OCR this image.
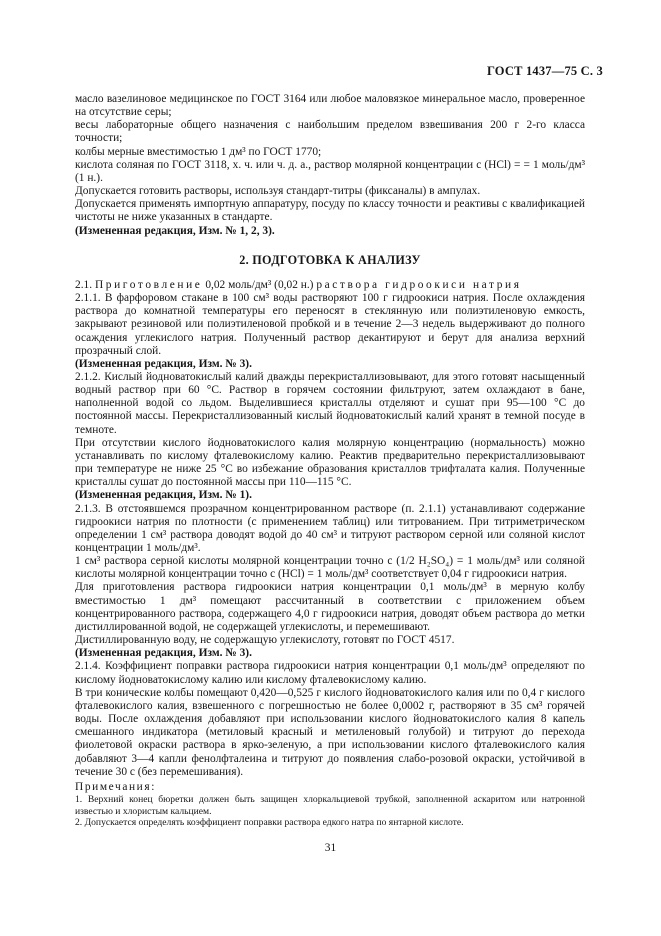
ГОСТ 1437—75 С. 3

масло вазелиновое медицинское по ГОСТ 3164 или любое маловязкое минеральное масло, проверенное на отсутствие серы;

весы лабораторные общего назначения с наибольшим пределом взвешивания 200 г 2-го класса точности;

колбы мерные вместимостью 1 дм³ по ГОСТ 1770;

кислота соляная по ГОСТ 3118, х. ч. или ч. д. а., раствор молярной концентрации с (HCl) = = 1 моль/дм³ (1 н.).

Допускается готовить растворы, используя стандарт-титры (фиксаналы) в ампулах.

Допускается применять импортную аппаратуру, посуду по классу точности и реактивы с квалификацией чистоты не ниже указанных в стандарте.

(Измененная редакция, Изм. № 1, 2, 3).

2. ПОДГОТОВКА К АНАЛИЗУ

2.1. Приготовление 0,02 моль/дм³ (0,02 н.) раствора гидроокиси натрия

2.1.1. В фарфоровом стакане в 100 см³ воды растворяют 100 г гидроокиси натрия. После охлаждения раствора до комнатной температуры его переносят в стеклянную или полиэтиленовую емкость, закрывают резиновой или полиэтиленовой пробкой и в течение 2—3 недель выдерживают до полного осаждения углекислого натрия. Полученный раствор декантируют и берут для анализа верхний прозрачный слой.

(Измененная редакция, Изм. № 3).

2.1.2. Кислый йодноватокислый калий дважды перекристаллизовывают, для этого готовят насыщенный водный раствор при 60 °С. Раствор в горячем состоянии фильтруют, затем охлаждают в бане, наполненной водой со льдом. Выделившиеся кристаллы отделяют и сушат при 95—100 °С до постоянной массы. Перекристаллизованный кислый йодноватокислый калий хранят в темной посуде в темноте.

При отсутствии кислого йодноватокислого калия молярную концентрацию (нормальность) можно устанавливать по кислому фталевокислому калию. Реактив предварительно перекристаллизовывают при температуре не ниже 25 °С во избежание образования кристаллов трифталата калия. Полученные кристаллы сушат до постоянной массы при 110—115 °С.

(Измененная редакция, Изм. № 1).

2.1.3. В отстоявшемся прозрачном концентрированном растворе (п. 2.1.1) устанавливают содержание гидроокиси натрия по плотности (с применением таблиц) или титрованием. При титриметрическом определении 1 см³ раствора доводят водой до 40 см³ и титруют раствором серной или соляной кислот концентрации 1 моль/дм³.

1 см³ раствора серной кислоты молярной концентрации точно с (1/2 H₂SO₄) = 1 моль/дм³ или соляной кислоты молярной концентрации точно с (HCl) = 1 моль/дм³ соответствует 0,04 г гидроокиси натрия.

Для приготовления раствора гидроокиси натрия концентрации 0,1 моль/дм³ в мерную колбу вместимостью 1 дм³ помещают рассчитанный в соответствии с приложением объем концентрированного раствора, содержащего 4,0 г гидроокиси натрия, доводят объем раствора до метки дистиллированной водой, не содержащей углекислоты, и перемешивают.

Дистиллированную воду, не содержащую углекислоту, готовят по ГОСТ 4517.

(Измененная редакция, Изм. № 3).

2.1.4. Коэффициент поправки раствора гидроокиси натрия концентрации 0,1 моль/дм³ определяют по кислому йодноватокислому калию или кислому фталевокислому калию.

В три конические колбы помещают 0,420—0,525 г кислого йодноватокислого калия или по 0,4 г кислого фталевокислого калия, взвешенного с погрешностью не более 0,0002 г, растворяют в 35 см³ горячей воды. После охлаждения добавляют при использовании кислого йодноватокислого калия 8 капель смешанного индикатора (метиловый красный и метиленовый голубой) и титруют до перехода фиолетовой окраски раствора в ярко-зеленую, а при использовании кислого фталевокислого калия добавляют 3—4 капли фенолфталеина и титруют до появления слабо-розовой окраски, устойчивой в течение 30 с (без перемешивания).

Примечания:

1. Верхний конец бюретки должен быть защищен хлоркальциевой трубкой, заполненной аскаритом или натронной известью и хлористым кальцием.

2. Допускается определять коэффициент поправки раствора едкого натра по янтарной кислоте.

31
